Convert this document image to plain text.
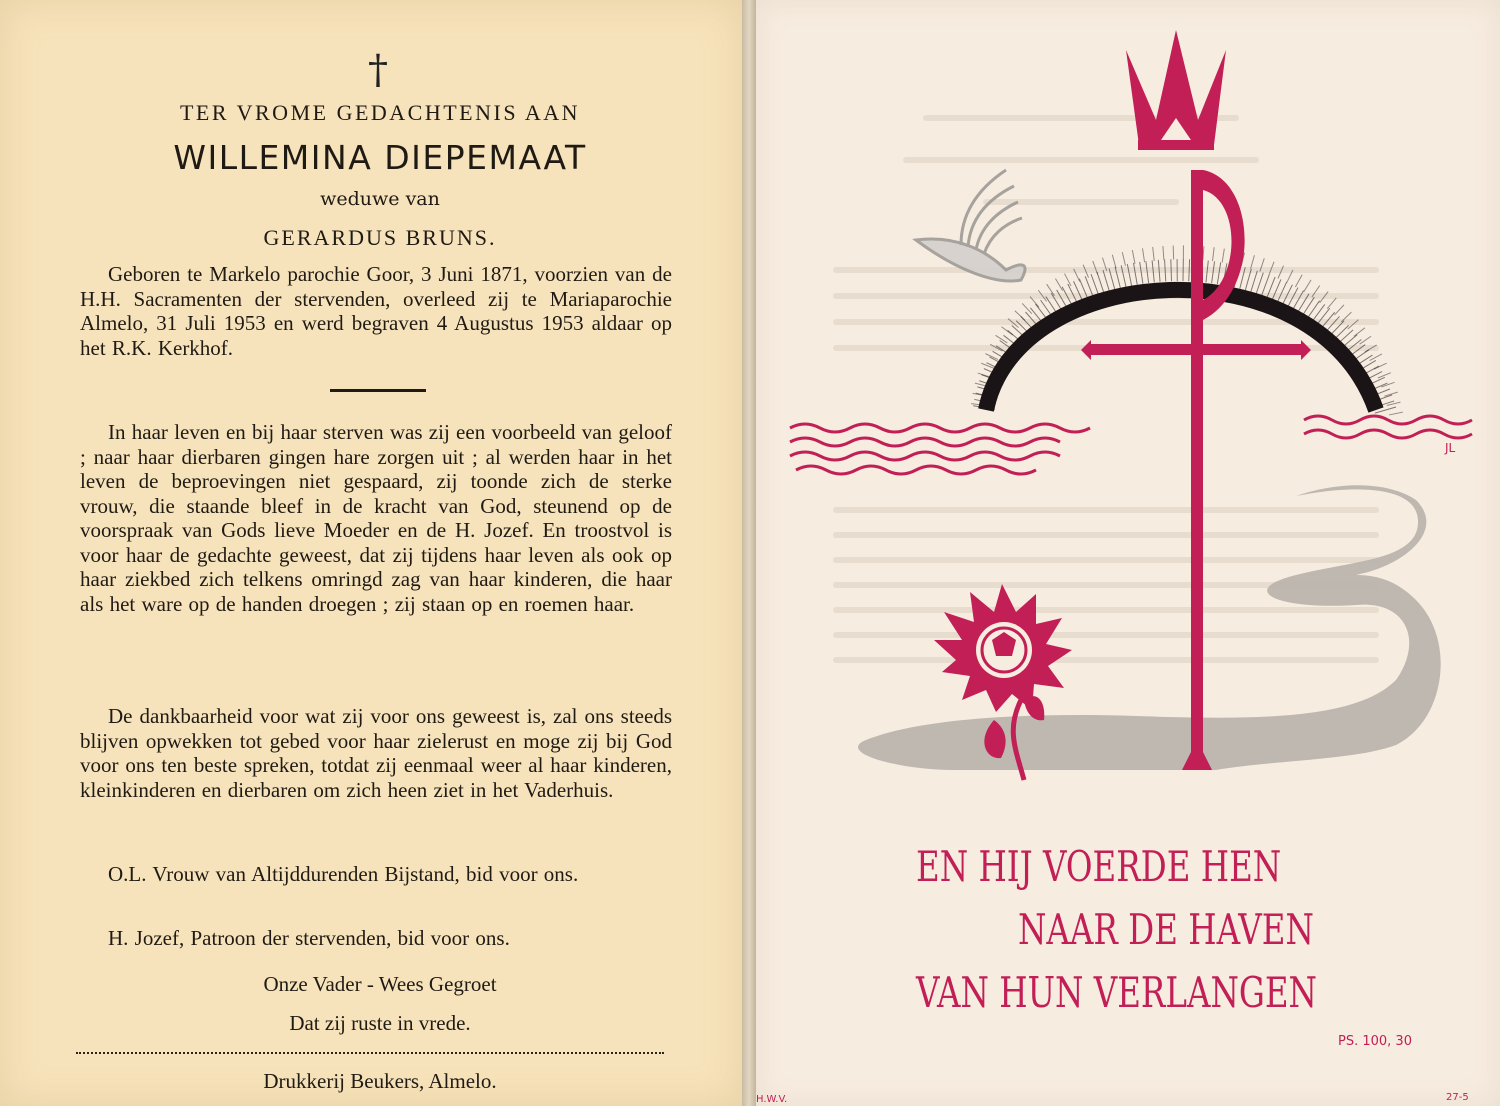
†
TER VROME GEDACHTENIS AAN
WILLEMINA DIEPEMAAT
weduwe van
GERARDUS BRUNS.

Geboren te Markelo parochie Goor, 3 Juni 1871, voorzien van de H.H. Sacramenten der stervenden, overleed zij te Mariaparochie Almelo, 31 Juli 1953 en werd begraven 4 Augustus 1953 aldaar op het R.K. Kerkhof.

In haar leven en bij haar sterven was zij een voorbeeld van geloof ; naar haar dierbaren gingen hare zorgen uit ; al werden haar in het leven de beproevingen niet gespaard, zij toonde zich de sterke vrouw, die staande bleef in de kracht van God, steunend op de voorspraak van Gods lieve Moeder en de H. Jozef. En troostvol is voor haar de gedachte geweest, dat zij tijdens haar leven als ook op haar ziekbed zich telkens omringd zag van haar kinderen, die haar als het ware op de handen droegen ; zij staan op en roemen haar.

De dankbaarheid voor wat zij voor ons geweest is, zal ons steeds blijven opwekken tot gebed voor haar zielerust en moge zij bij God voor ons ten beste spreken, totdat zij eenmaal weer al haar kinderen, kleinkinderen en dierbaren om zich heen ziet in het Vaderhuis.

O.L. Vrouw van Altijddurenden Bijstand, bid voor ons.

H. Jozef, Patroon der stervenden, bid voor ons.

Onze Vader - Wees Gegroet
Dat zij ruste in vrede.
Drukkerij Beukers, Almelo.
EN HIJ VOERDE HEN
NAAR DE HAVEN
VAN HUN VERLANGEN
PS. 100, 30
JL
H.W.V.	27-5
